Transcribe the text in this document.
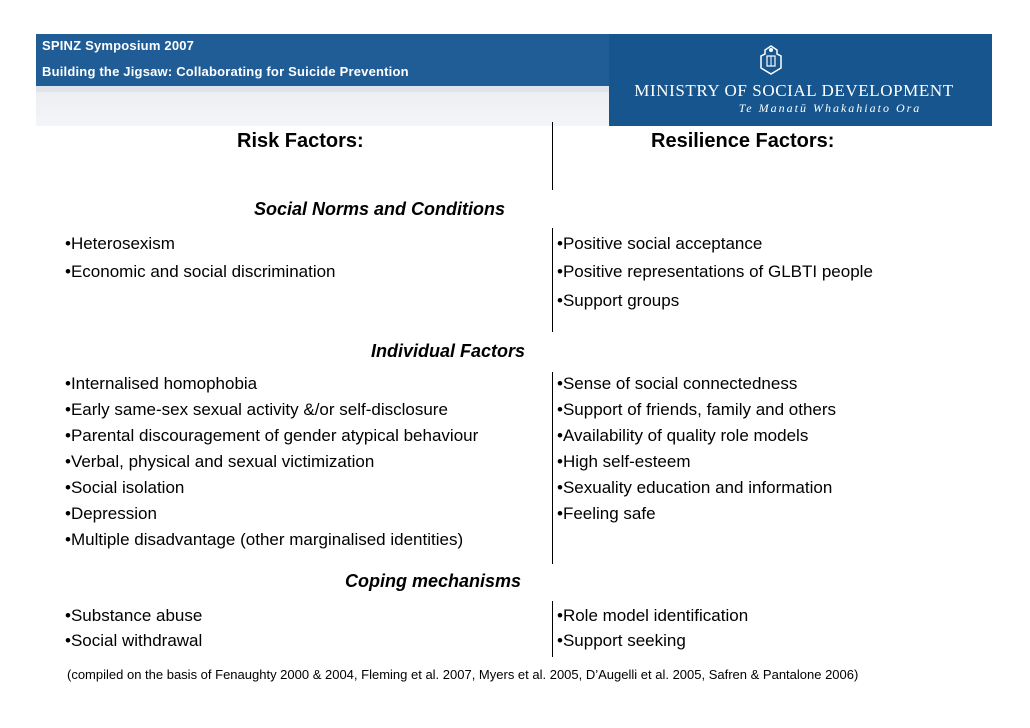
SPINZ Symposium 2007
Building the Jigsaw: Collaborating for Suicide Prevention
MINISTRY OF SOCIAL DEVELOPMENT
Te Manatū Whakahiato Ora
Risk Factors:	Resilience Factors:
Social Norms and Conditions
•Heterosexism
•Economic and social discrimination
•Positive social acceptance
•Positive representations of GLBTI people
•Support groups
Individual Factors
•Internalised homophobia
•Early same-sex sexual activity &/or self-disclosure
•Parental discouragement of gender atypical behaviour
•Verbal, physical and sexual victimization
•Social isolation
•Depression
•Multiple disadvantage (other marginalised identities)
•Sense of social connectedness
•Support of friends, family and others
•Availability of quality role models
•High self-esteem
•Sexuality education and information
•Feeling safe
Coping mechanisms
•Substance abuse
•Social withdrawal
•Role model identification
•Support seeking
(compiled on the basis of Fenaughty 2000 & 2004, Fleming et al. 2007, Myers et al. 2005, D’Augelli et al. 2005, Safren & Pantalone 2006)
